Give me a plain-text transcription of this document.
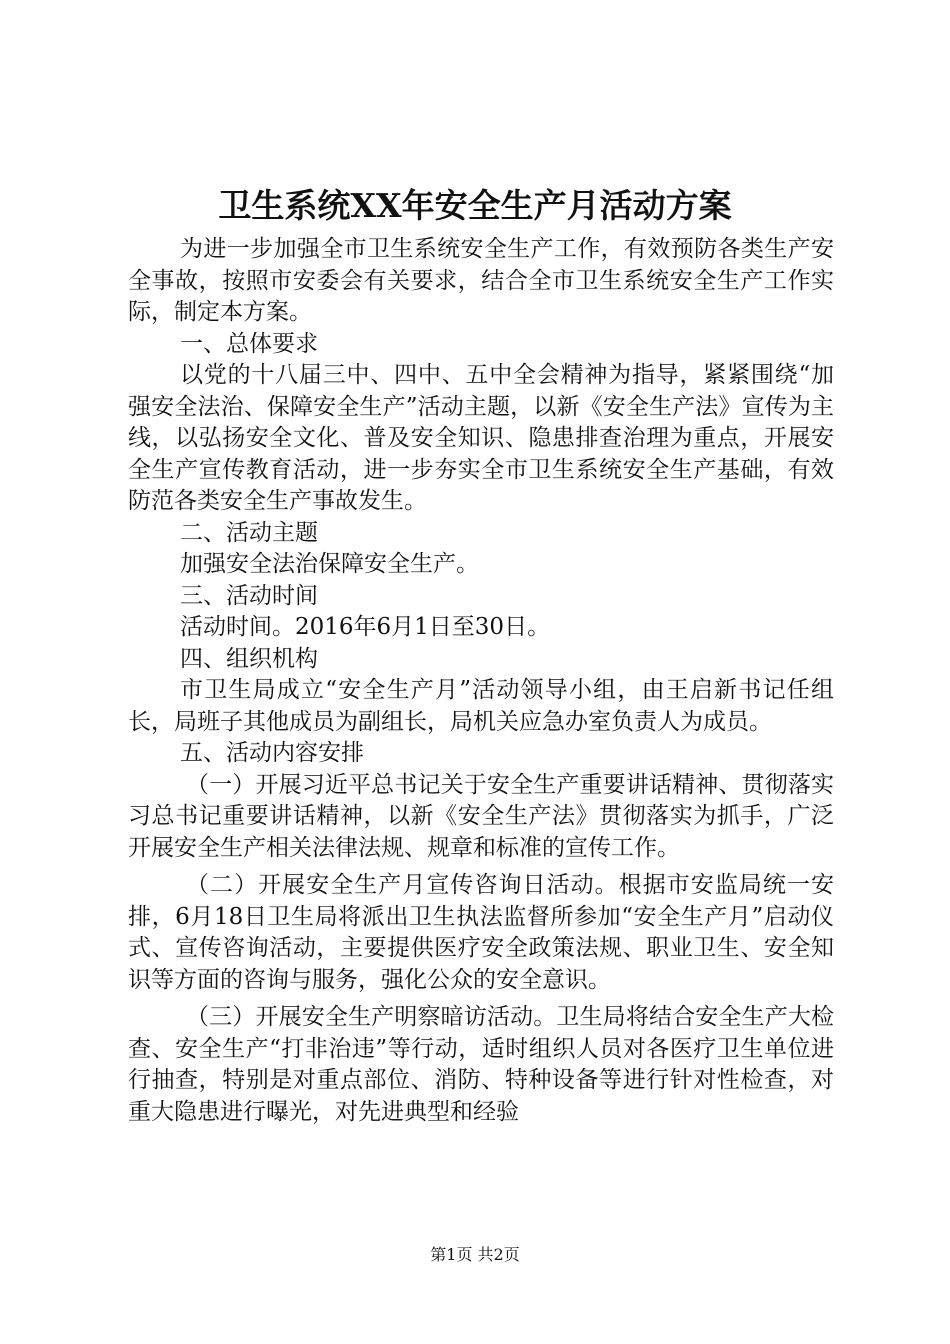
卫生系统XX年安全生产月活动方案

为进一步加强全市卫生系统安全生产工作，有效预防各类生产安全事故，按照市安委会有关要求，结合全市卫生系统安全生产工作实际，制定本方案。

一、总体要求

以党的十八届三中、四中、五中全会精神为指导，紧紧围绕“加强安全法治、保障安全生产”活动主题，以新《安全生产法》宣传为主线，以弘扬安全文化、普及安全知识、隐患排查治理为重点，开展安全生产宣传教育活动，进一步夯实全市卫生系统安全生产基础，有效防范各类安全生产事故发生。

二、活动主题

加强安全法治保障安全生产。

三、活动时间

活动时间。2016年6月1日至30日。

四、组织机构

市卫生局成立“安全生产月”活动领导小组，由王启新书记任组长，局班子其他成员为副组长，局机关应急办室负责人为成员。

五、活动内容安排

（一）开展习近平总书记关于安全生产重要讲话精神、贯彻落实习总书记重要讲话精神，以新《安全生产法》贯彻落实为抓手，广泛开展安全生产相关法律法规、规章和标准的宣传工作。

（二）开展安全生产月宣传咨询日活动。根据市安监局统一安排，6月18日卫生局将派出卫生执法监督所参加“安全生产月”启动仪式、宣传咨询活动，主要提供医疗安全政策法规、职业卫生、安全知识等方面的咨询与服务，强化公众的安全意识。

（三）开展安全生产明察暗访活动。卫生局将结合安全生产大检查、安全生产“打非治违”等行动，适时组织人员对各医疗卫生单位进行抽查，特别是对重点部位、消防、特种设备等进行针对性检查，对重大隐患进行曝光，对先进典型和经验

第1页 共2页
